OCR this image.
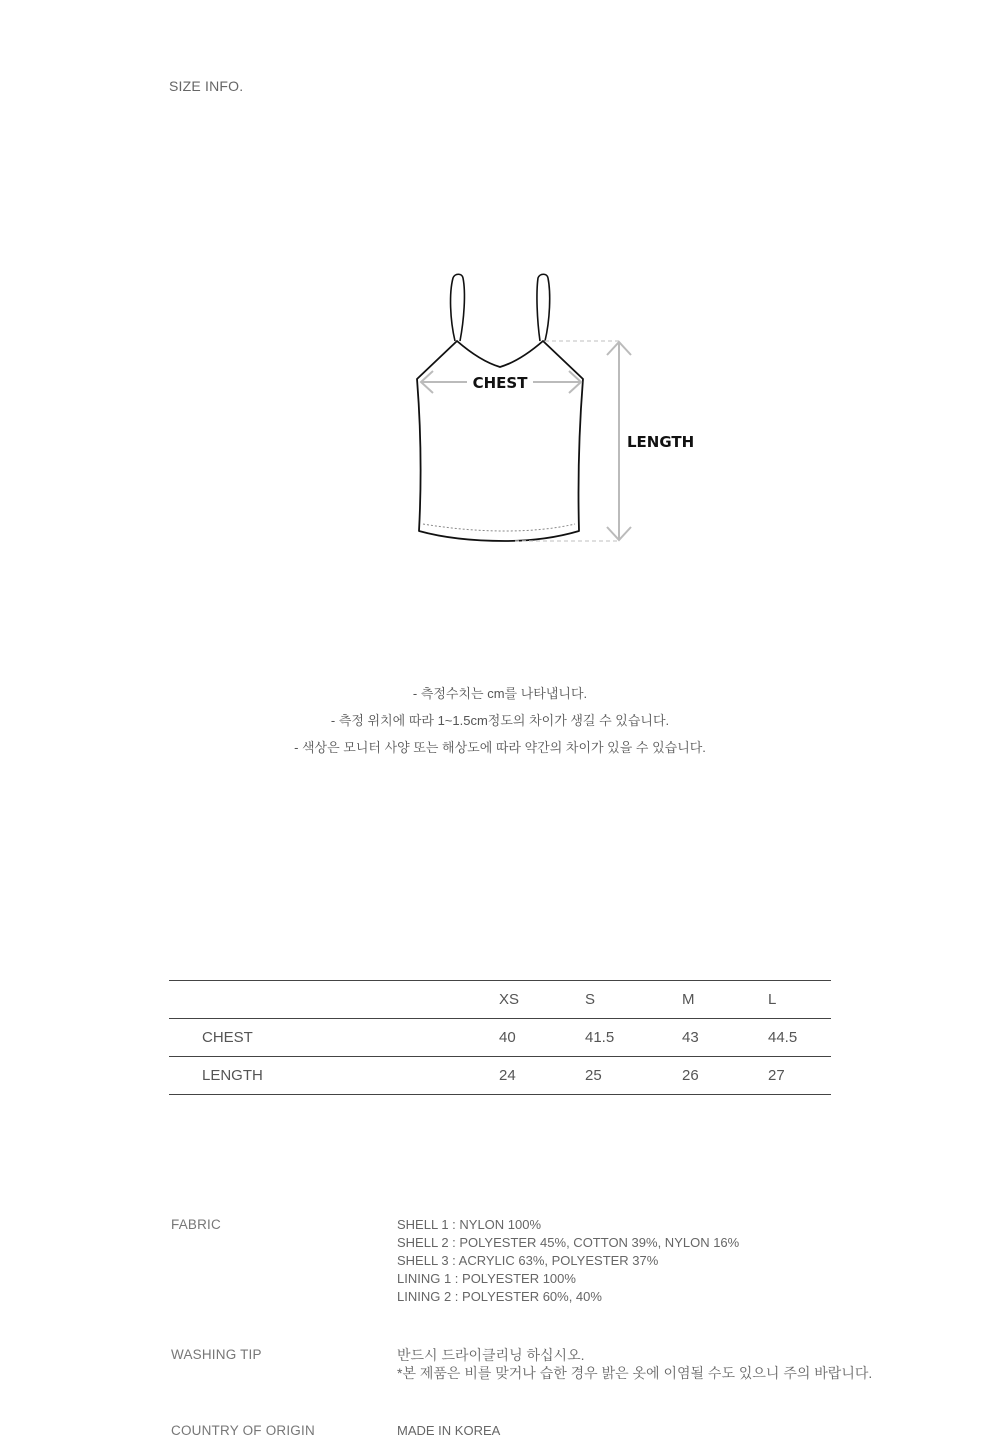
SIZE INFO.
CHEST
LENGTH
- 측정수치는 cm를 나타냅니다.
- 측정 위치에 따라 1~1.5cm정도의 차이가 생길 수 있습니다.
- 색상은 모니터 사양 또는 해상도에 따라 약간의 차이가 있을 수 있습니다.
	XS	S	M	L
CHEST	40	41.5	43	44.5
LENGTH	24	25	26	27
FABRIC	SHELL 1 : NYLON 100%
SHELL 2 : POLYESTER 45%, COTTON 39%, NYLON 16%
SHELL 3 : ACRYLIC 63%, POLYESTER 37%
LINING 1 : POLYESTER 100%
LINING 2 : POLYESTER 60%, 40%
WASHING TIP	반드시 드라이클리닝 하십시오.
*본 제품은 비를 맞거나 습한 경우 밝은 옷에 이염될 수도 있으니 주의 바랍니다.
COUNTRY OF ORIGIN	MADE IN KOREA
